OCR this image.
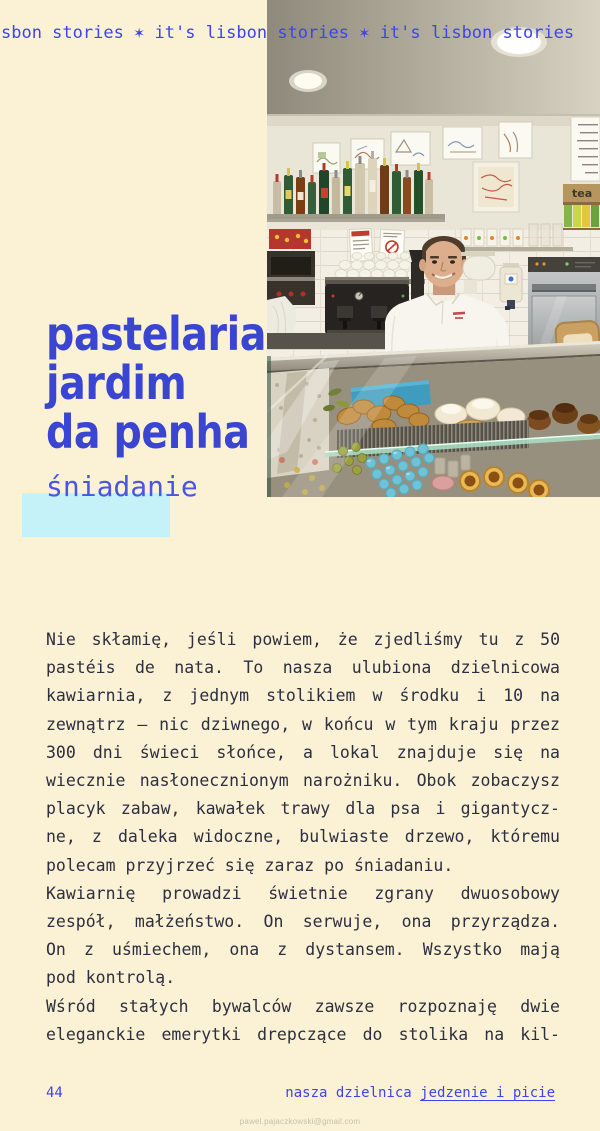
tea
sbon stories ✶ it's lisbon stories ✶ it's lisbon stories
pastelaria
jardim
da penha
śniadanie
Nie skłamię, jeśli powiem, że zjedliśmy tu z 50
pastéis de nata. To nasza ulubiona dzielnicowa
kawiarnia, z jednym stolikiem w środku i 10 na
zewnątrz – nic dziwnego, w końcu w tym kraju przez
300 dni świeci słońce, a lokal znajduje się na
wiecznie nasłonecznionym narożniku. Obok zobaczysz
placyk zabaw, kawałek trawy dla psa i gigantycz-
ne, z daleka widoczne, bulwiaste drzewo, któremu
polecam przyjrzeć się zaraz po śniadaniu.
Kawiarnię prowadzi świetnie zgrany dwuosobowy
zespół, małżeństwo. On serwuje, ona przyrządza.
On z uśmiechem, ona z dystansem. Wszystko mają
pod kontrolą.
Wśród stałych bywalców zawsze rozpoznaję dwie
eleganckie emerytki drepczące do stolika na kil-
44	nasza dzielnica jedzenie i picie
pawel.pajaczkowski@gmail.com
